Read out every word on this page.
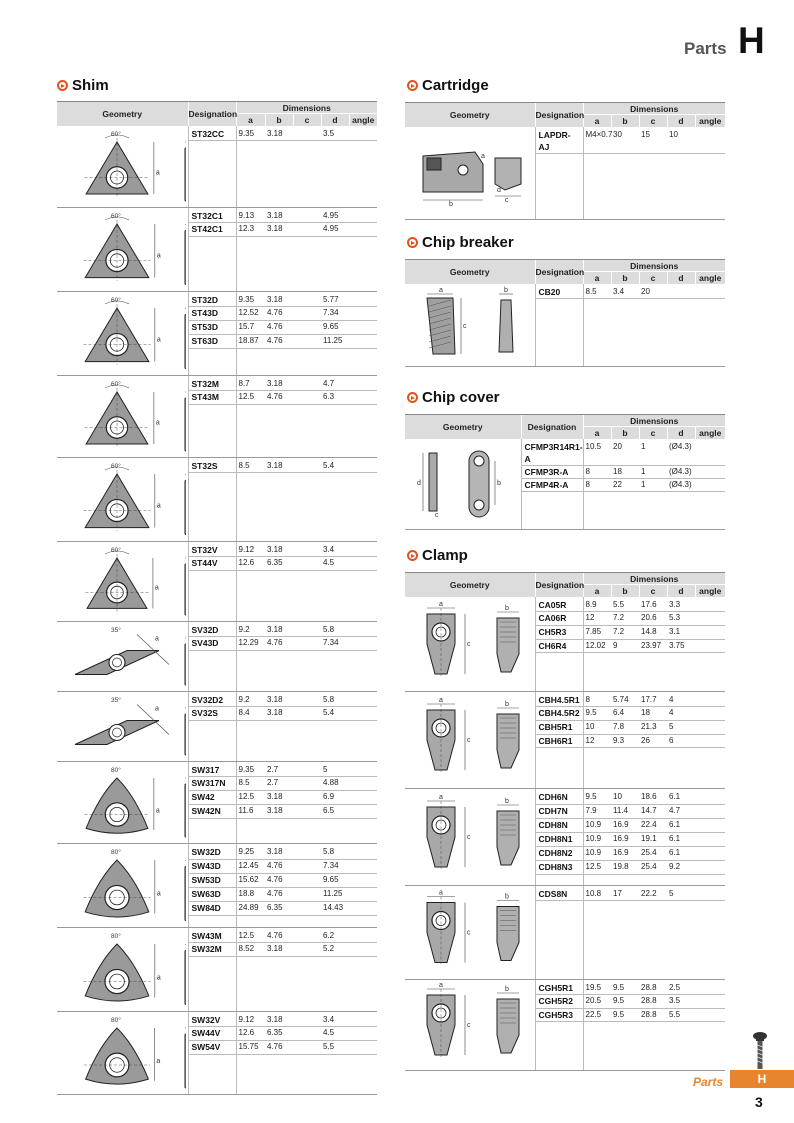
Parts H
Shim	Cartridge
Chip breaker
Chip cover
Clamp
Geometry	Designation	Dimensions				
		a	b	c	d	angle

a
60°	ST32CC	9.35	3.18		3.5	

a
60°	ST32C1	9.13	3.18		4.95	
	ST42C1	12.3	3.18		4.95	

a
60°	ST32D	9.35	3.18		5.77	
	ST43D	12.52	4.76		7.34	
	ST53D	15.7	4.76		9.65	
	ST63D	18.87	4.76		11.25	

a
60°	ST32M	8.7	3.18		4.7	
	ST43M	12.5	4.76		6.3	

a
60°	ST32S	8.5	3.18		5.4	

a
60°	ST32V	9.12	3.18		3.4	
	ST44V	12.6	6.35		4.5	

a
35°	SV32D	9.2	3.18		5.8	
	SV43D	12.29	4.76		7.34	

a
35°	SV32D2	9.2	3.18		5.8	
	SV32S	8.4	3.18		5.4	

a
80°	SW317	9.35	2.7		5	
	SW317N	8.5	2.7		4.88	
	SW42	12.5	3.18		6.9	
	SW42N	11.6	3.18		6.5	

a
80°	SW32D	9.25	3.18		5.8	
	SW43D	12.45	4.76		7.34	
	SW53D	15.62	4.76		9.65	
	SW63D	18.8	4.76		11.25	
	SW84D	24.89	6.35		14.43	

a
80°	SW43M	12.5	4.76		6.2	
	SW32M	8.52	3.18		5.2	

a
80°	SW32V	9.12	3.18		3.4	
	SW44V	12.6	6.35		4.5	
	SW54V	15.75	4.76		5.5	

Geometry	Designation	Dimensions				
		a	b	c	d	angle

b
a
c
d	LAPDR-AJ	M4×0.7	30	15	10	

Geometry	Designation	Dimensions				
		a	b	c	d	angle

a
c
b	CB20	8.5	3.4	20		

Geometry	Designation	Dimensions				
		a	b	c	d	angle

d
c
b	CFMP3R14R1-A	10.5	20	1	(Ø4.3)	
	CFMP3R-A	8	18	1	(Ø4.3)	
	CFMP4R-A	8	22	1	(Ø4.3)	

Geometry	Designation	Dimensions				
		a	b	c	d	angle

a
c
b	CA05R	8.9	5.5	17.6	3.3	
	CA06R	12	7.2	20.6	5.3	
	CH5R3	7.85	7.2	14.8	3.1	
	CH6R4	12.02	9	23.97	3.75	

a
c
b	CBH4.5R1	8	5.74	17.7	4	
	CBH4.5R2	9.5	6.4	18	4	
	CBH5R1	10	7.8	21.3	5	
	CBH6R1	12	9.3	26	6	

a
c
b	CDH6N	9.5	10	18.6	6.1	
	CDH7N	7.9	11.4	14.7	4.7	
	CDH8N	10.9	16.9	22.4	6.1	
	CDH8N1	10.9	16.9	19.1	6.1	
	CDH8N2	10.9	16.9	25.4	6.1	
	CDH8N3	12.5	19.8	25.4	9.2	

a
c
b	CDS8N	10.8	17	22.2	5	

a
c
b	CGH5R1	19.5	9.5	28.8	2.5	
	CGH5R2	20.5	9.5	28.8	3.5	
	CGH5R3	22.5	9.5	28.8	5.5	

Parts	H
3
